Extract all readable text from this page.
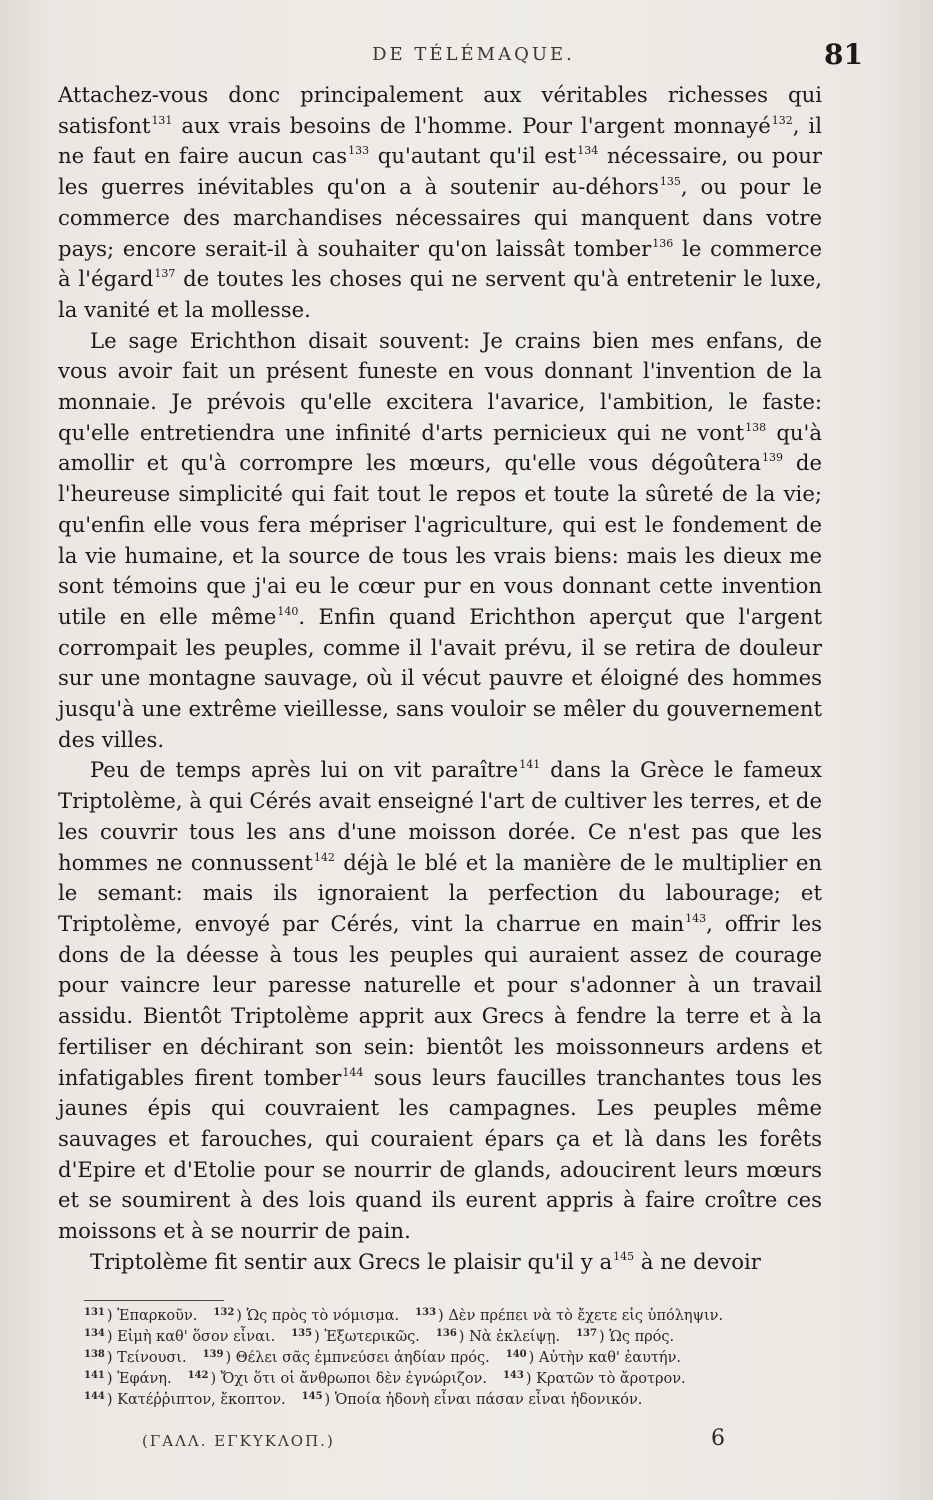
DE TÉLÉMAQUE.	81

Attachez-vous donc principalement aux véritables richesses qui satisfont$^{131}$ aux vrais besoins de l'homme. Pour l'argent monnayé$^{132}$, il ne faut en faire aucun cas$^{133}$ qu'autant qu'il est$^{134}$ nécessaire, ou pour les guerres inévitables qu'on a à soutenir au-déhors$^{135}$, ou pour le commerce des marchandises nécessaires qui manquent dans votre pays; encore serait-il à souhaiter qu'on laissât tomber$^{136}$ le commerce à l'égard$^{137}$ de toutes les choses qui ne servent qu'à entretenir le luxe, la vanité et la mollesse.

Le sage Erichthon disait souvent: Je crains bien mes enfans, de vous avoir fait un présent funeste en vous donnant l'invention de la monnaie. Je prévois qu'elle excitera l'avarice, l'ambition, le faste: qu'elle entretiendra une infinité d'arts pernicieux qui ne vont$^{138}$ qu'à amollir et qu'à corrompre les mœurs, qu'elle vous dégoûtera$^{139}$ de l'heureuse simplicité qui fait tout le repos et toute la sûreté de la vie; qu'enfin elle vous fera mépriser l'agriculture, qui est le fondement de la vie humaine, et la source de tous les vrais biens: mais les dieux me sont témoins que j'ai eu le cœur pur en vous donnant cette invention utile en elle même$^{140}$. Enfin quand Erichthon aperçut que l'argent corrompait les peuples, comme il l'avait prévu, il se retira de douleur sur une montagne sauvage, où il vécut pauvre et éloigné des hommes jusqu'à une extrême vieillesse, sans vouloir se mêler du gouvernement des villes.

Peu de temps après lui on vit paraître$^{141}$ dans la Grèce le fameux Triptolème, à qui Cérés avait enseigné l'art de cultiver les terres, et de les couvrir tous les ans d'une moisson dorée. Ce n'est pas que les hommes ne connussent$^{142}$ déjà le blé et la manière de le multiplier en le semant: mais ils ignoraient la perfection du labourage; et Triptolème, envoyé par Cérés, vint la charrue en main$^{143}$, offrir les dons de la déesse à tous les peuples qui auraient assez de courage pour vaincre leur paresse naturelle et pour s'adonner à un travail assidu. Bientôt Triptolème apprit aux Grecs à fendre la terre et à la fertiliser en déchirant son sein: bientôt les moissonneurs ardens et infatigables firent tomber$^{144}$ sous leurs faucilles tranchantes tous les jaunes épis qui couvraient les campagnes. Les peuples même sauvages et farouches, qui couraient épars ça et là dans les forêts d'Epire et d'Etolie pour se nourrir de glands, adoucirent leurs mœurs et se soumirent à des lois quand ils eurent appris à faire croître ces moissons et à se nourrir de pain.

Triptolème fit sentir aux Grecs le plaisir qu'il y a$^{145}$ à ne devoir

$^{131}$ ) Ἐπαρκοῦν. $^{132}$ ) Ὡς πρὸς τὸ νόμισμα. $^{133}$ ) Δὲν πρέπει νὰ τὸ ἔχετε εἰς ὑπόληψιν.
$^{134}$ ) Εἰμὴ καθ' ὅσον εἶναι. $^{135}$ ) Ἐξωτερικῶς. $^{136}$ ) Νὰ ἐκλείψῃ. $^{137}$ ) Ὡς πρός.
$^{138}$ ) Τείνουσι. $^{139}$ ) Θέλει σᾶς ἐμπνεύσει ἀηδίαν πρός. $^{140}$ ) Αὐτὴν καθ' ἑαυτήν.
$^{141}$ ) Ἐφάνη. $^{142}$ ) Ὄχι ὅτι οἱ ἄνθρωποι δὲν ἐγνώριζον. $^{143}$ ) Κρατῶν τὸ ἄροτρον.
$^{144}$ ) Κατέῤῥιπτον, ἔκοπτον. $^{145}$ ) Ὁποία ἡδονὴ εἶναι πάσαν εἶναι ἡδονικόν.
(ΓΑΛΛ. ΕΓΚΥΚΛΟΠ.)	6
